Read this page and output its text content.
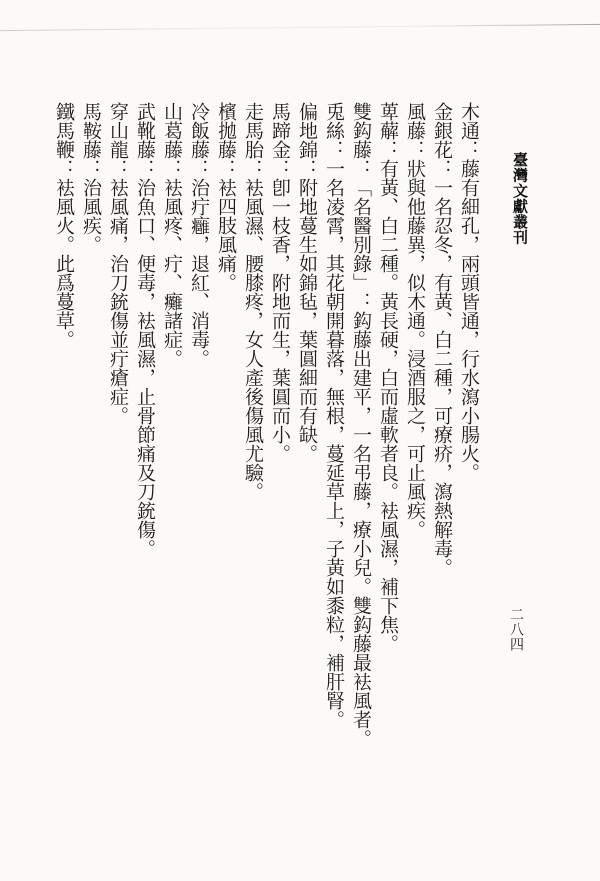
臺灣文獻叢刊
二八四
木通：藤有細孔，兩頭皆通，行水瀉小腸火。
金銀花：一名忍冬，有黃、白二種，可療疥，瀉熱解毒。
風藤：狀與他藤異，似木通。浸酒服之，可止風疾。
萆薢：有黃、白二種。黃長硬，白而虛軟者良。袪風濕，補下焦。
雙鈎藤：「名醫別錄」：鈎藤出建平，一名弔藤，療小兒。雙鈎藤最袪風者。
兎絲：一名凌霄，其花朝開暮落，無根，蔓延草上，子黃如黍粒，補肝腎。
偏地錦：附地蔓生如錦毡，葉圓細而有缺。
馬蹄金：卽一枝香，附地而生，葉圓而小。
走馬胎：袪風濕、腰膝疼，女人產後傷風尤驗。
檳拋藤：袪四肢風痛。
冷飯藤：治疔癰，退紅、消毒。
山葛藤：袪風疼、疔、癱諸症。
武靴藤：治魚口、便毒，袪風濕，止骨節痛及刀銃傷。
穿山龍：袪風痛，治刀銃傷並疔瘡症。
馬鞍藤：治風疾。
鐵馬鞭：袪風火。此爲蔓草。
